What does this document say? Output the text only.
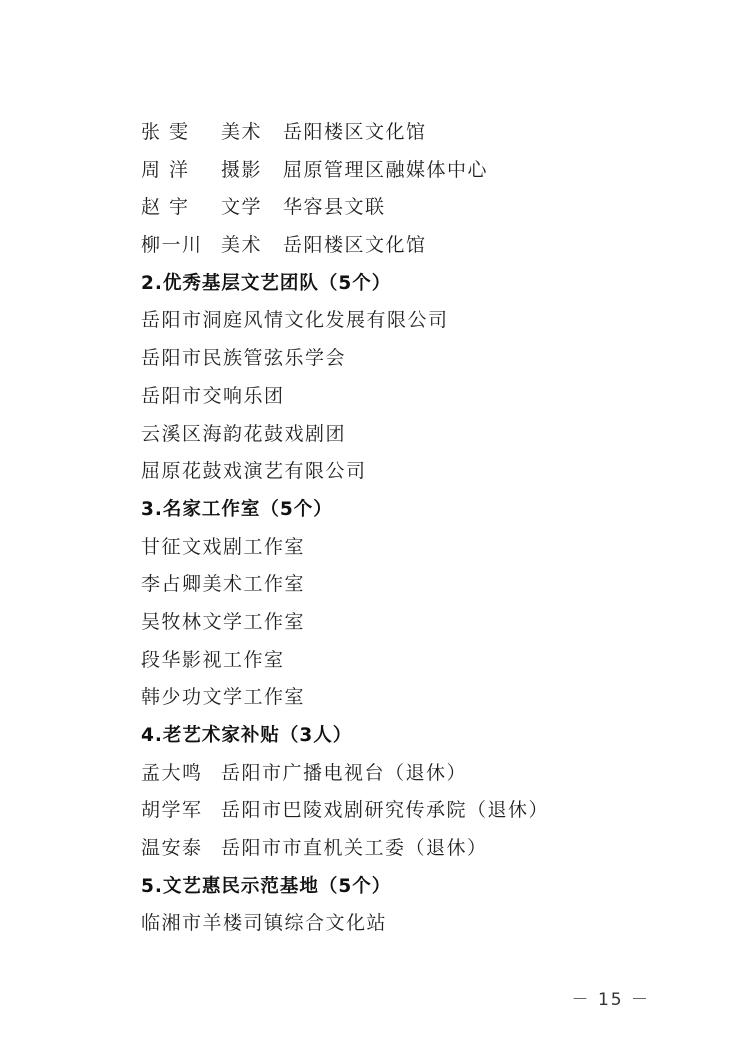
张 雯 美术 岳阳楼区文化馆
周 洋 摄影 屈原管理区融媒体中心
赵 宇 文学 华容县文联
柳一川 美术 岳阳楼区文化馆
2.优秀基层文艺团队（5个）
岳阳市洞庭风情文化发展有限公司
岳阳市民族管弦乐学会
岳阳市交响乐团
云溪区海韵花鼓戏剧团
屈原花鼓戏演艺有限公司
3.名家工作室（5个）
甘征文戏剧工作室
李占卿美术工作室
吴牧林文学工作室
段华影视工作室
韩少功文学工作室
4.老艺术家补贴（3人）
孟大鸣 岳阳市广播电视台（退休）
胡学军 岳阳市巴陵戏剧研究传承院（退休）
温安泰 岳阳市市直机关工委（退休）
5.文艺惠民示范基地（5个）
临湘市羊楼司镇综合文化站
－ 15 －
